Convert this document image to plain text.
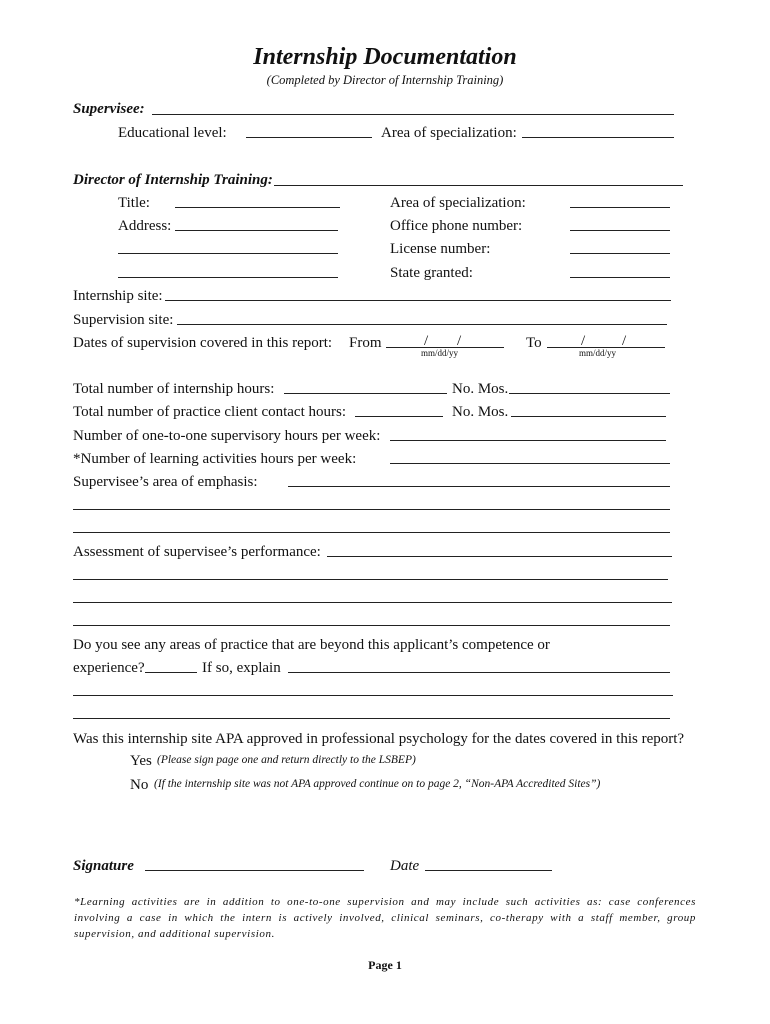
Internship Documentation
(Completed by Director of Internship Training)
Supervisee:
Educational level:	Area of specialization:
Director of Internship Training:
Title:	Area of specialization:
Address:	Office phone number:
License number:
State granted:
Internship site:
Supervision site:
Dates of supervision covered in this report: From	/ /
mm/dd/yy
To	/ /
mm/dd/yy
Total number of internship hours:	No. Mos.
Total number of practice client contact hours:	No. Mos.
Number of one-to-one supervisory hours per week:
*Number of learning activities hours per week:
Supervisee’s area of emphasis:
Assessment of supervisee’s performance:
Do you see any areas of practice that are beyond this applicant’s competence or
experience?	If so, explain
Was this internship site APA approved in professional psychology for the dates covered in this report?
Yes (Please sign page one and return directly to the LSBEP)
No (If the internship site was not APA approved continue on to page 2, “Non-APA Accredited Sites”)
Signature	Date
*Learning activities are in addition to one-to-one supervision and may include such activities as: case conferences involving a case in which the intern is actively involved, clinical seminars, co-therapy with a staff member, group supervision, and additional supervision.
Page 1
